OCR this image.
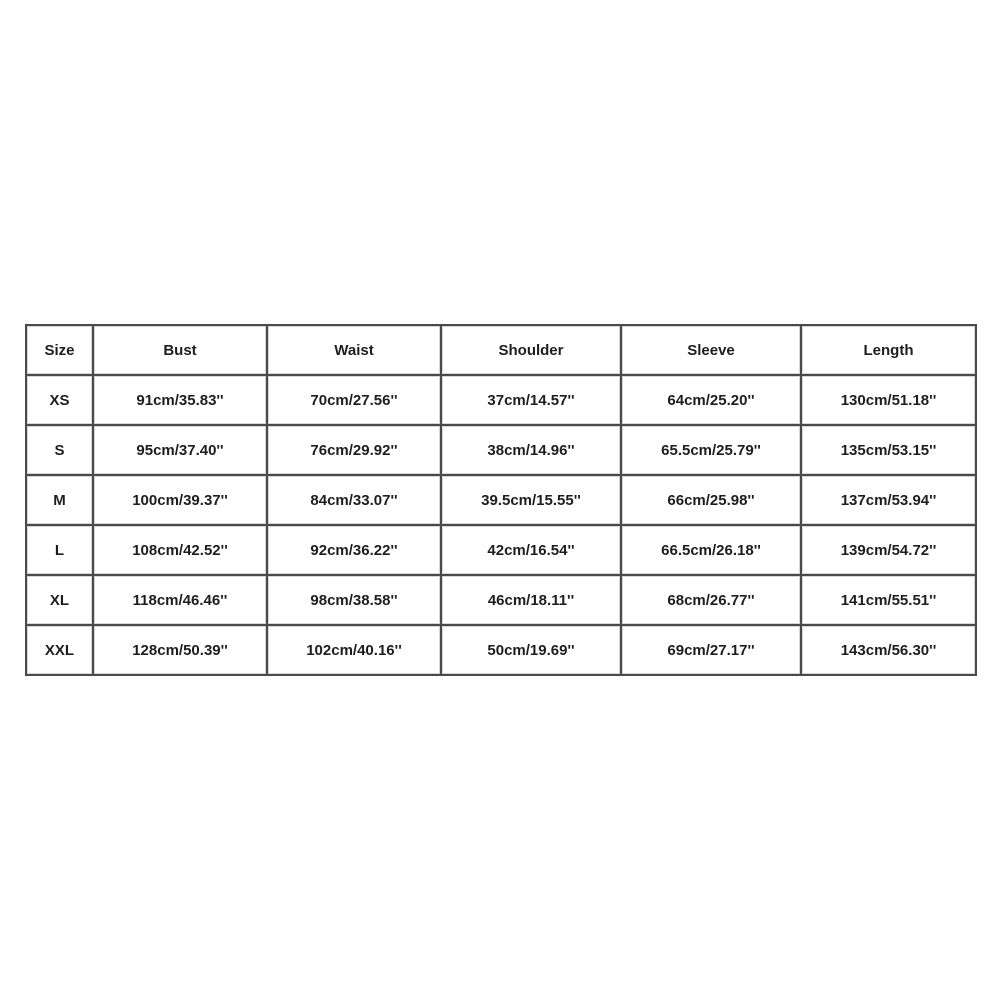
Size	Bust	Waist	Shoulder	Sleeve	Length
XS	91cm/35.83''	70cm/27.56''	37cm/14.57''	64cm/25.20''	130cm/51.18''
S	95cm/37.40''	76cm/29.92''	38cm/14.96''	65.5cm/25.79''	135cm/53.15''
M	100cm/39.37''	84cm/33.07''	39.5cm/15.55''	66cm/25.98''	137cm/53.94''
L	108cm/42.52''	92cm/36.22''	42cm/16.54''	66.5cm/26.18''	139cm/54.72''
XL	118cm/46.46''	98cm/38.58''	46cm/18.11''	68cm/26.77''	141cm/55.51''
XXL	128cm/50.39''	102cm/40.16''	50cm/19.69''	69cm/27.17''	143cm/56.30''
